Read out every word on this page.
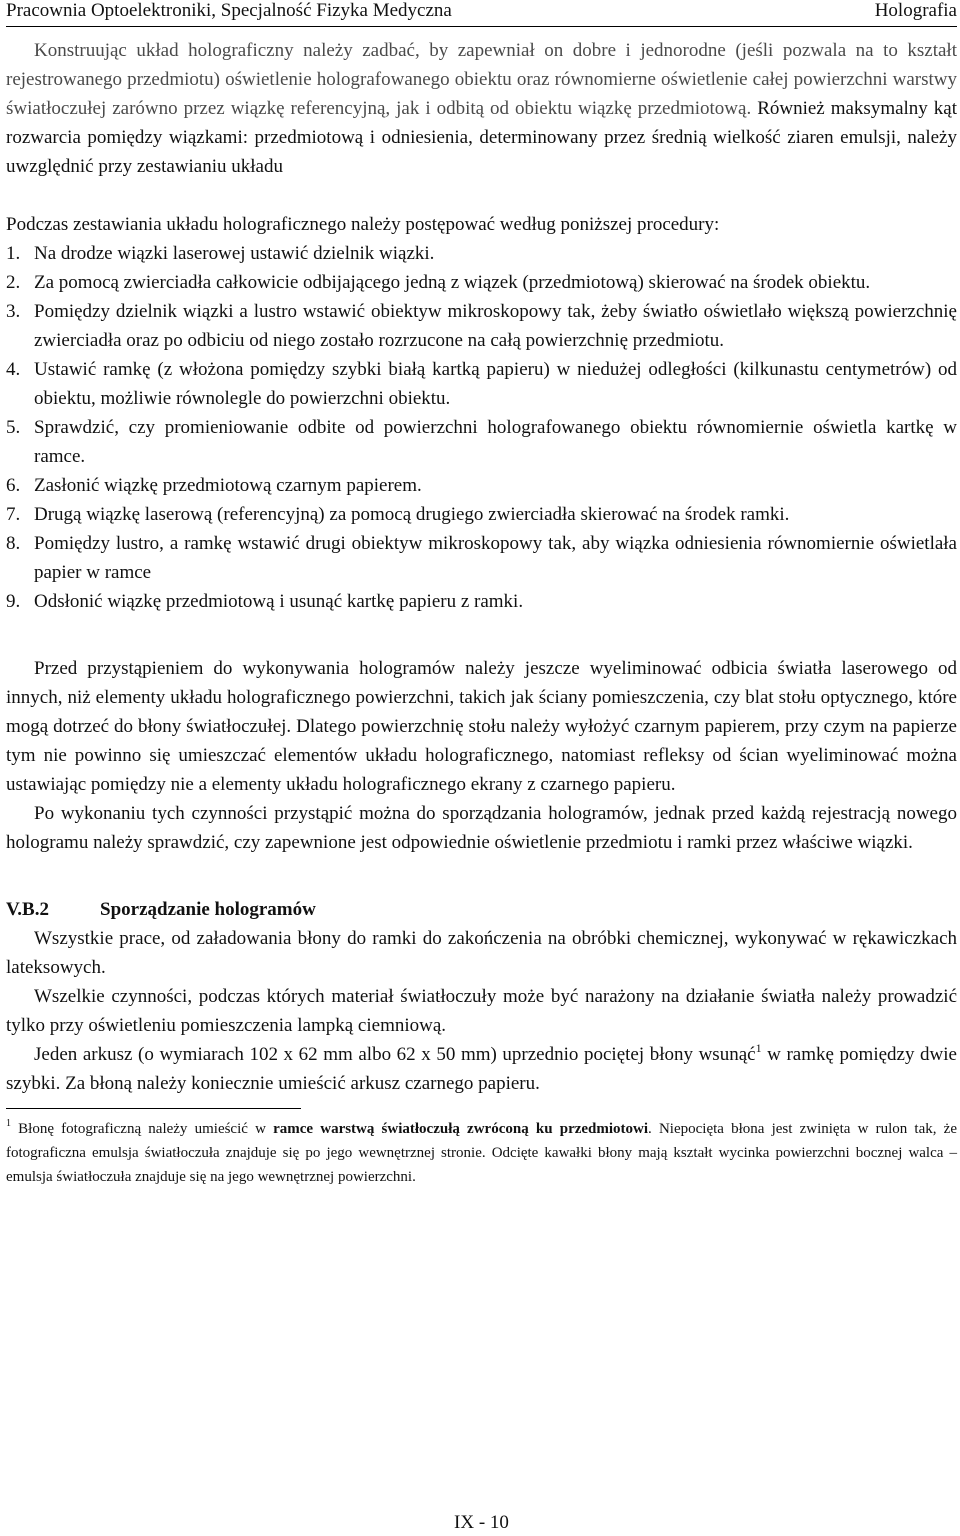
Pracownia Optoelektroniki, Specjalność Fizyka Medyczna	Holografia

Konstruując układ holograficzny należy zadbać, by zapewniał on dobre i jednorodne (jeśli pozwala na to kształt rejestrowanego przedmiotu) oświetlenie holografowanego obiektu oraz równomierne oświetlenie całej powierzchni warstwy światłoczułej zarówno przez wiązkę referencyjną, jak i odbitą od obiektu wiązkę przedmiotową. Również maksymalny kąt rozwarcia pomiędzy wiązkami: przedmiotową i odniesienia, determinowany przez średnią wielkość ziaren emulsji, należy uwzględnić przy zestawianiu układu

Podczas zestawiania układu holograficznego należy postępować według poniższej procedury:

1. Na drodze wiązki laserowej ustawić dzielnik wiązki.
2. Za pomocą zwierciadła całkowicie odbijającego jedną z wiązek (przedmiotową) skierować na środek obiektu.
3. Pomiędzy dzielnik wiązki a lustro wstawić obiektyw mikroskopowy tak, żeby światło oświetlało większą powierzchnię zwierciadła oraz po odbiciu od niego zostało rozrzucone na całą powierzchnię przedmiotu.
4. Ustawić ramkę (z włożona pomiędzy szybki białą kartką papieru) w niedużej odległości (kilkunastu centymetrów) od obiektu, możliwie równolegle do powierzchni obiektu.
5. Sprawdzić, czy promieniowanie odbite od powierzchni holografowanego obiektu równomiernie oświetla kartkę w ramce.
6. Zasłonić wiązkę przedmiotową czarnym papierem.
7. Drugą wiązkę laserową (referencyjną) za pomocą drugiego zwierciadła skierować na środek ramki.
8. Pomiędzy lustro, a ramkę wstawić drugi obiektyw mikroskopowy tak, aby wiązka odniesienia równomiernie oświetlała papier w ramce
9. Odsłonić wiązkę przedmiotową i usunąć kartkę papieru z ramki.

Przed przystąpieniem do wykonywania hologramów należy jeszcze wyeliminować odbicia światła laserowego od innych, niż elementy układu holograficznego powierzchni, takich jak ściany pomieszczenia, czy blat stołu optycznego, które mogą dotrzeć do błony światłoczułej. Dlatego powierzchnię stołu należy wyłożyć czarnym papierem, przy czym na papierze tym nie powinno się umieszczać elementów układu holograficznego, natomiast refleksy od ścian wyeliminować można ustawiając pomiędzy nie a elementy układu holograficznego ekrany z czarnego papieru.

Po wykonaniu tych czynności przystąpić można do sporządzania hologramów, jednak przed każdą rejestracją nowego hologramu należy sprawdzić, czy zapewnione jest odpowiednie oświetlenie przedmiotu i ramki przez właściwe wiązki.

V.B.2	Sporządzanie hologramów

Wszystkie prace, od załadowania błony do ramki do zakończenia na obróbki chemicznej, wykonywać w rękawiczkach lateksowych.

Wszelkie czynności, podczas których materiał światłoczuły może być narażony na działanie światła należy prowadzić tylko przy oświetleniu pomieszczenia lampką ciemniową.

Jeden arkusz (o wymiarach 102 x 62 mm albo 62 x 50 mm) uprzednio pociętej błony wsunąć$^1$ w ramkę pomiędzy dwie szybki. Za błoną należy koniecznie umieścić arkusz czarnego papieru.

$^1$ Błonę fotograficzną należy umieścić w ramce warstwą światłoczułą zwróconą ku przedmiotowi. Niepocięta błona jest zwinięta w rulon tak, że fotograficzna emulsja światłoczuła znajduje się po jego wewnętrznej stronie. Odcięte kawałki błony mają kształt wycinka powierzchni bocznej walca – emulsja światłoczuła znajduje się na jego wewnętrznej powierzchni.

IX - 10
